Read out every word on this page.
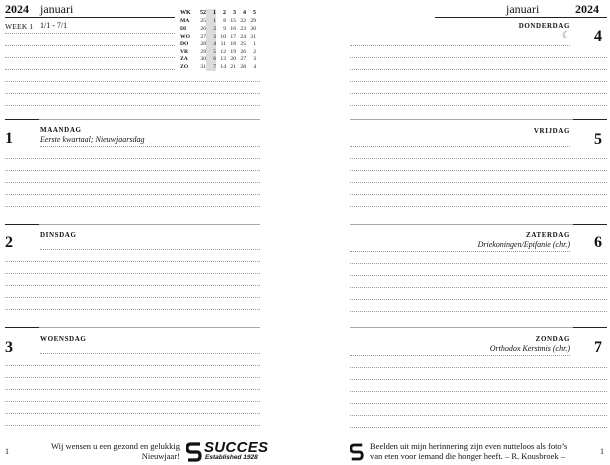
2024 januari
WEEK 1 1/1 - 7/1
WK	52	1	2	3	4	5
MA	25	1	8	15	22	29
DI	26	2	9	16	23	30
WO	27	3	10	17	24	31
DO	28	4	11	18	25	1
VR	29	5	12	19	26	2
ZA	30	6	13	20	27	3
ZO	31	7	14	21	28	4
1	MAANDAG
Eerste kwartaal; Nieuwjaarsdag
2	DINSDAG
3	WOENSDAG
1
Wij wensen u een gezond en gelukkig
Nieuwjaar! SUCCES
Established 1928
januari	2024
DONDERDAG
☾ 4
VRIJDAG 5
ZATERDAG
Driekoningen/Epifanie (chr.) 6
ZONDAG
Orthodox Kerstmis (chr.) 7
Beelden uit mijn herinnering zijn even nutteloos als foto’s
van eten voor iemand die honger heeft. – R. Kousbroek –	1
